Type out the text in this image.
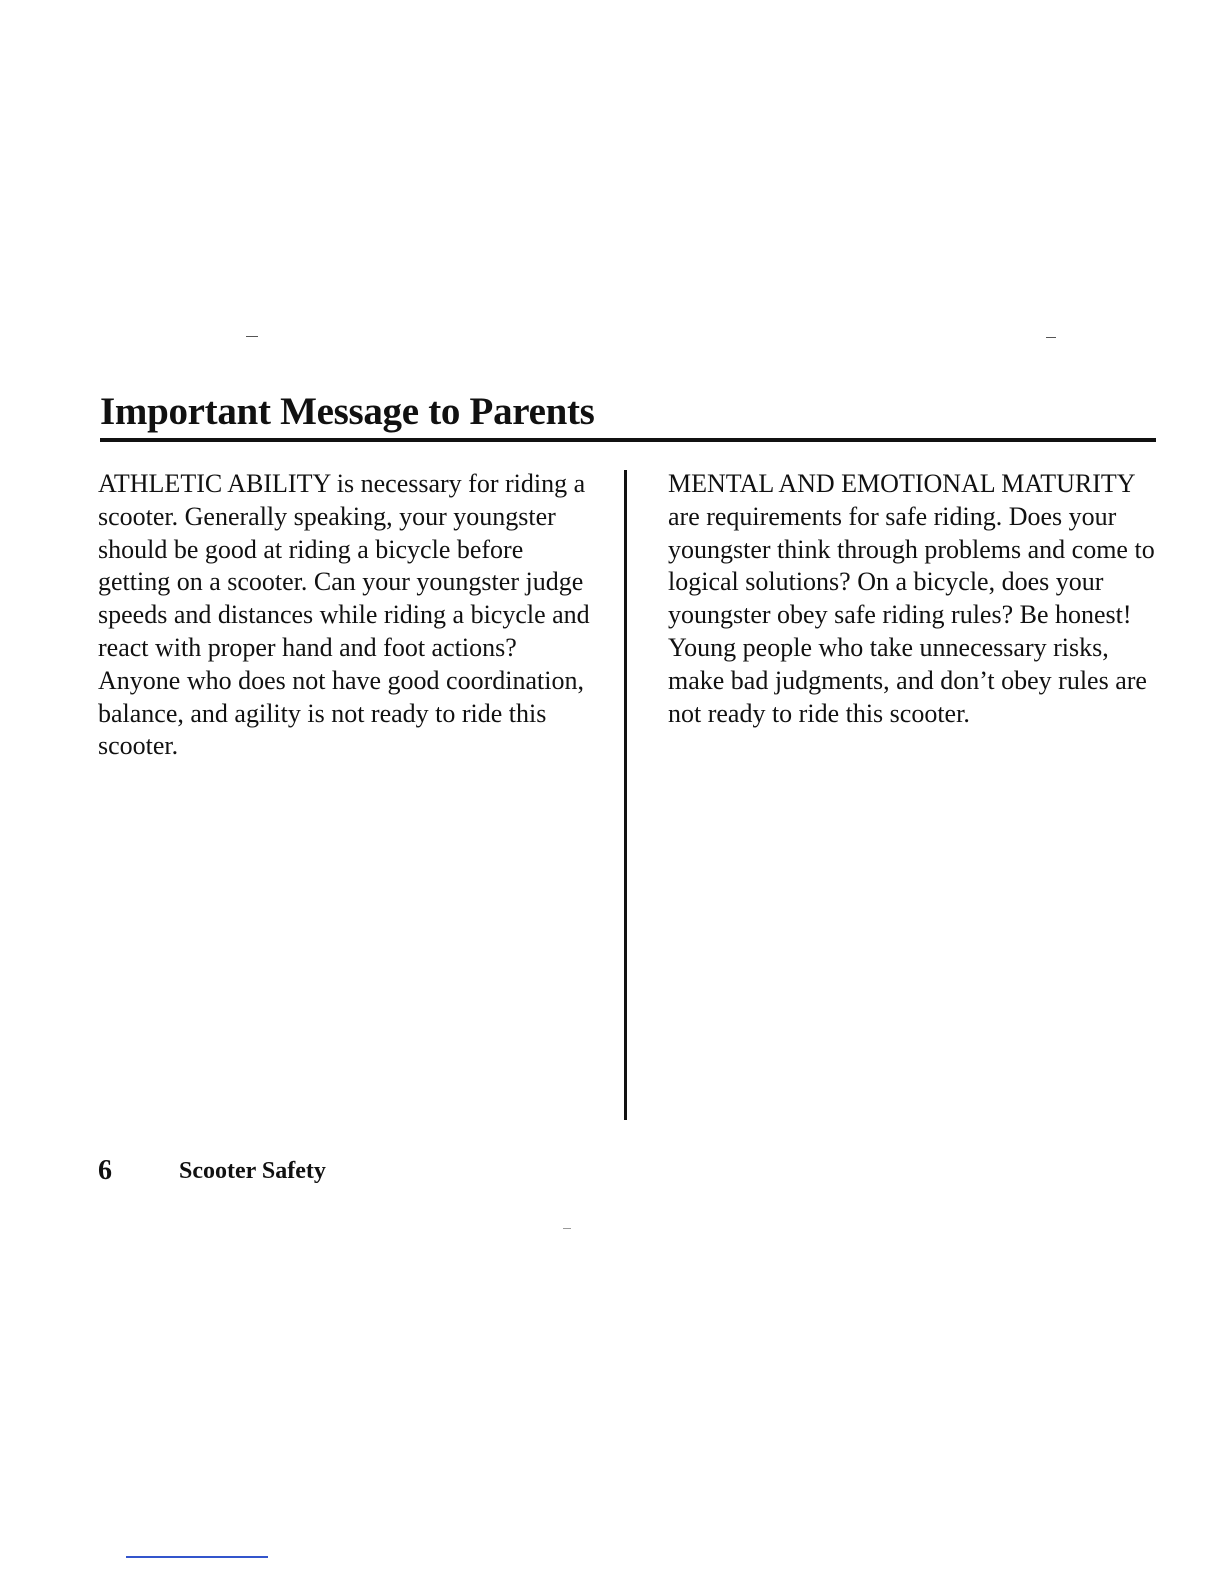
Important Message to Parents

ATHLETIC ABILITY is necessary for riding a scooter. Generally speaking, your youngster should be good at riding a bicycle before getting on a scooter. Can your youngster judge speeds and distances while riding a bicycle and react with proper hand and foot actions? Anyone who does not have good coordination, balance, and agility is not ready to ride this scooter.

MENTAL AND EMOTIONAL MATURITY are requirements for safe riding. Does your youngster think through problems and come to logical solutions? On a bicycle, does your youngster obey safe riding rules? Be honest! Young people who take unnecessary risks, make bad judgments, and don’t obey rules are not ready to ride this scooter.

6	Scooter Safety
